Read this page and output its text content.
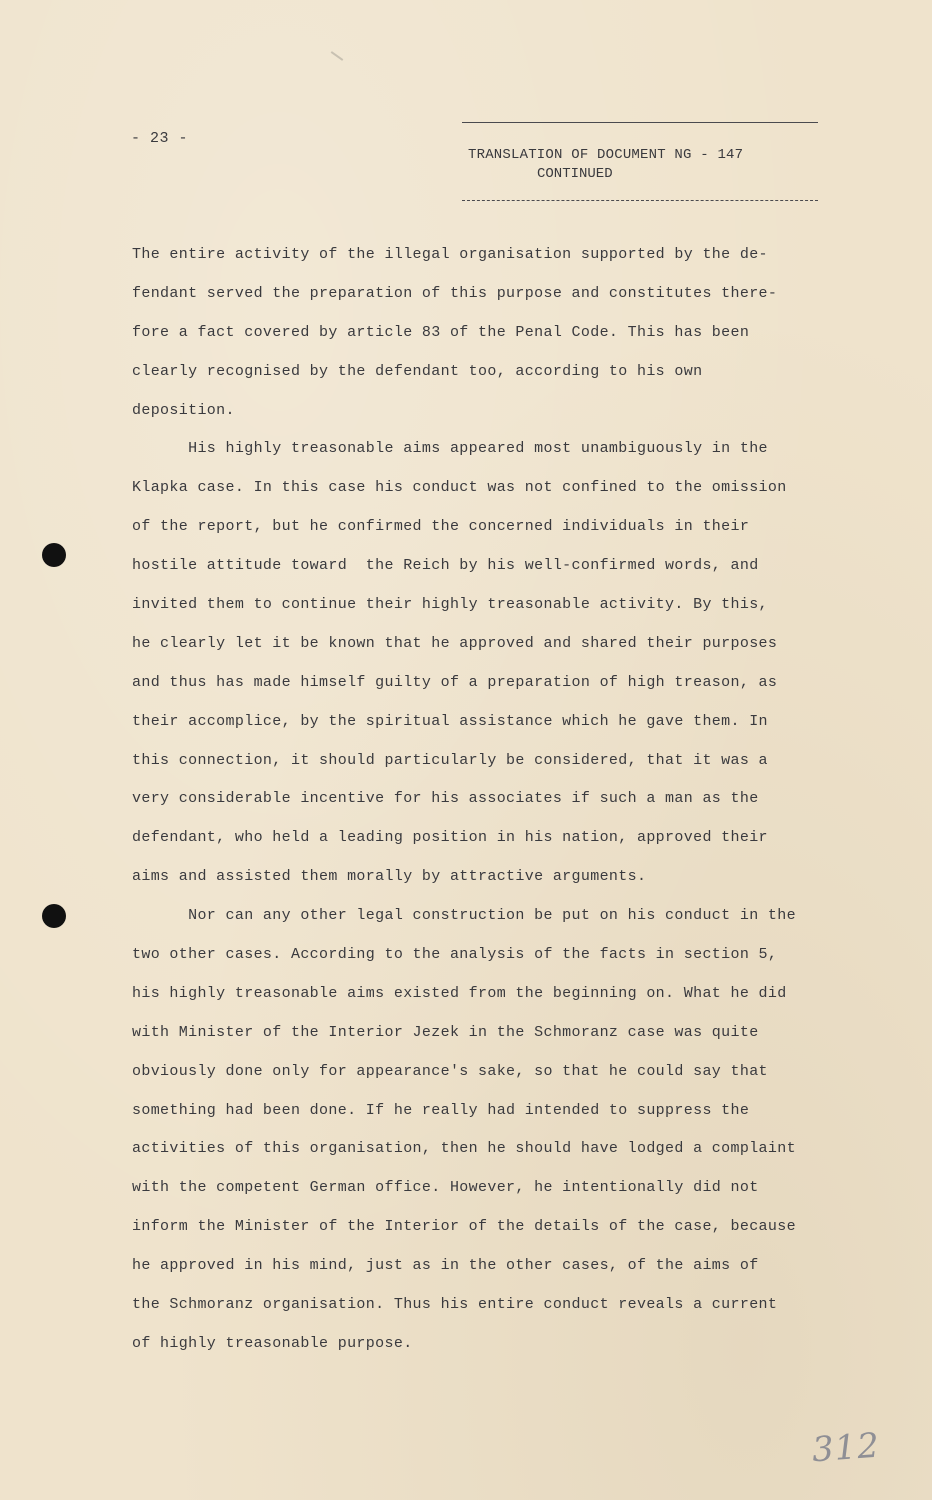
- 23 -
TRANSLATION OF DOCUMENT NG - 147
CONTINUED
The entire activity of the illegal organisation supported by the de-
fendant served the preparation of this purpose and constitutes there-
fore a fact covered by article 83 of the Penal Code. This has been
clearly recognised by the defendant too, according to his own
deposition.
His highly treasonable aims appeared most unambiguously in the
Klapka case. In this case his conduct was not confined to the omission
of the report, but he confirmed the concerned individuals in their
hostile attitude toward  the Reich by his well-confirmed words, and
invited them to continue their highly treasonable activity. By this,
he clearly let it be known that he approved and shared their purposes
and thus has made himself guilty of a preparation of high treason, as
their accomplice, by the spiritual assistance which he gave them. In
this connection, it should particularly be considered, that it was a
very considerable incentive for his associates if such a man as the
defendant, who held a leading position in his nation, approved their
aims and assisted them morally by attractive arguments.
Nor can any other legal construction be put on his conduct in the
two other cases. According to the analysis of the facts in section 5,
his highly treasonable aims existed from the beginning on. What he did
with Minister of the Interior Jezek in the Schmoranz case was quite
obviously done only for appearance's sake, so that he could say that
something had been done. If he really had intended to suppress the
activities of this organisation, then he should have lodged a complaint
with the competent German office. However, he intentionally did not
inform the Minister of the Interior of the details of the case, because
he approved in his mind, just as in the other cases, of the aims of
the Schmoranz organisation. Thus his entire conduct reveals a current
of highly treasonable purpose.
312
